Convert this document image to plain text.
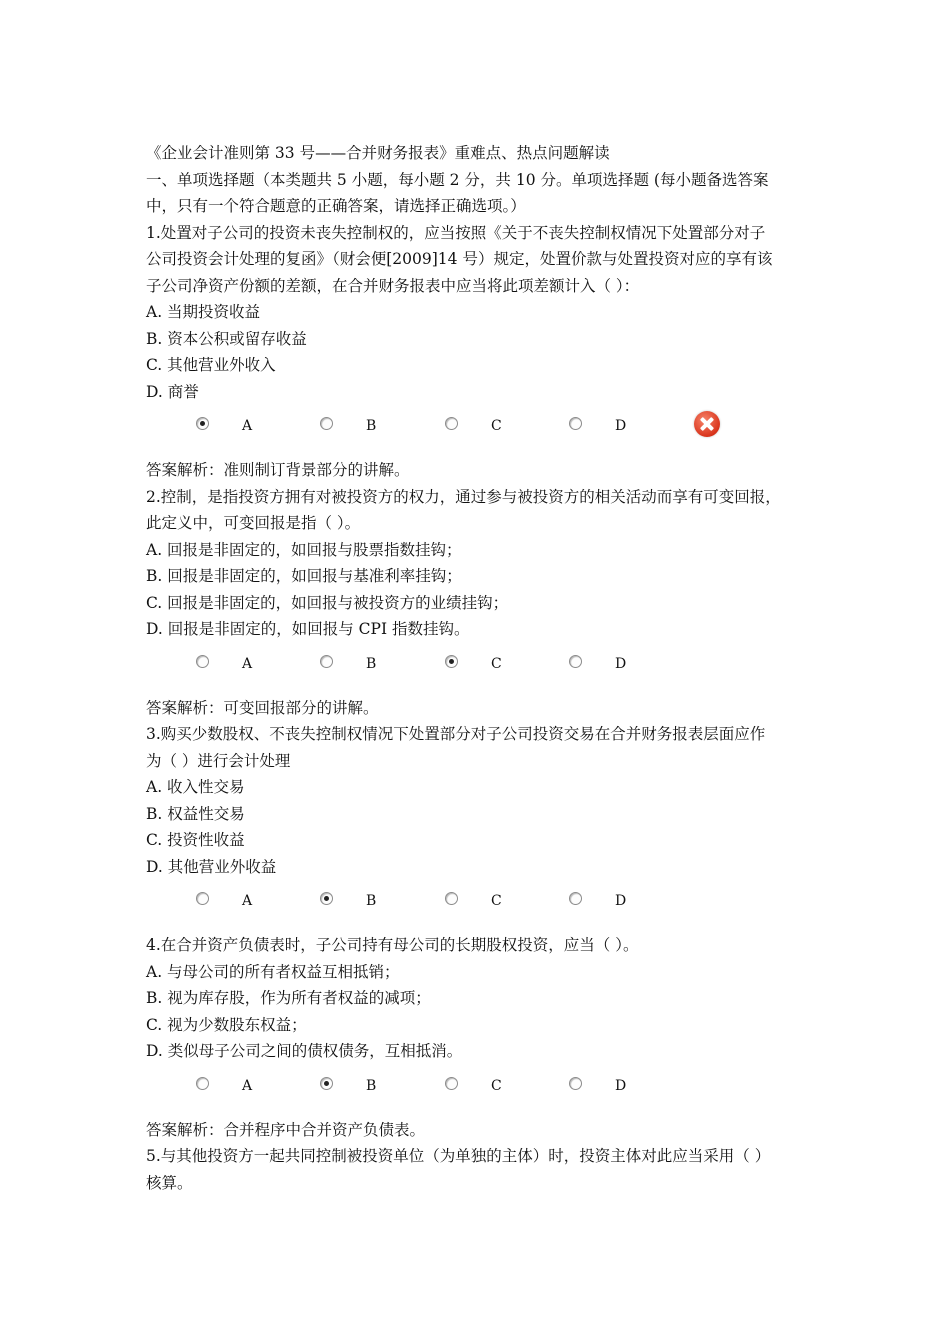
《企业会计准则第 33 号——合并财务报表》重难点、热点问题解读
一、单项选择题（本类题共 5 小题，每小题 2 分，共 10 分。单项选择题 (每小题备选答案
中，只有一个符合题意的正确答案，请选择正确选项。）
1.处置对子公司的投资未丧失控制权的，应当按照《关于不丧失控制权情况下处置部分对子
公司投资会计处理的复函》（财会便[2009]14 号）规定，处置价款与处置投资对应的享有该
子公司净资产份额的差额，在合并财务报表中应当将此项差额计入（ ）：
A. 当期投资收益
B. 资本公积或留存收益
C. 其他营业外收入
D. 商誉
A	B	C	D
答案解析：准则制订背景部分的讲解。
2.控制，是指投资方拥有对被投资方的权力，通过参与被投资方的相关活动而享有可变回报，
此定义中，可变回报是指（ ）。
A. 回报是非固定的，如回报与股票指数挂钩；
B. 回报是非固定的，如回报与基准利率挂钩；
C. 回报是非固定的，如回报与被投资方的业绩挂钩；
D. 回报是非固定的，如回报与 CPI 指数挂钩。
A	B	C	D
答案解析：可变回报部分的讲解。
3.购买少数股权、不丧失控制权情况下处置部分对子公司投资交易在合并财务报表层面应作
为（ ）进行会计处理
A. 收入性交易
B. 权益性交易
C. 投资性收益
D. 其他营业外收益
A	B	C	D
4.在合并资产负债表时，子公司持有母公司的长期股权投资，应当（ ）。
A. 与母公司的所有者权益互相抵销；
B. 视为库存股，作为所有者权益的减项；
C. 视为少数股东权益；
D. 类似母子公司之间的债权债务，互相抵消。
A	B	C	D
答案解析：合并程序中合并资产负债表。
5.与其他投资方一起共同控制被投资单位（为单独的主体）时，投资主体对此应当采用（ ）
核算。
